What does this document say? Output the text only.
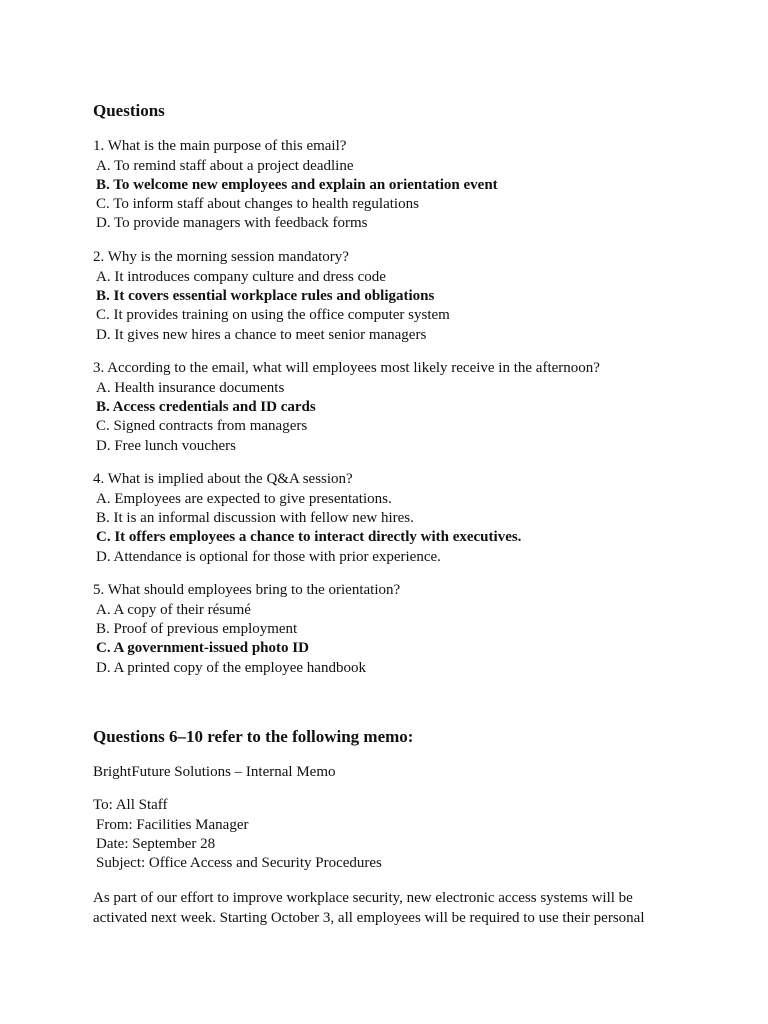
Questions
1. What is the main purpose of this email?
A. To remind staff about a project deadline
B. To welcome new employees and explain an orientation event
C. To inform staff about changes to health regulations
D. To provide managers with feedback forms
2. Why is the morning session mandatory?
A. It introduces company culture and dress code
B. It covers essential workplace rules and obligations
C. It provides training on using the office computer system
D. It gives new hires a chance to meet senior managers
3. According to the email, what will employees most likely receive in the afternoon?
A. Health insurance documents
B. Access credentials and ID cards
C. Signed contracts from managers
D. Free lunch vouchers
4. What is implied about the Q&A session?
A. Employees are expected to give presentations.
B. It is an informal discussion with fellow new hires.
C. It offers employees a chance to interact directly with executives.
D. Attendance is optional for those with prior experience.
5. What should employees bring to the orientation?
A. A copy of their résumé
B. Proof of previous employment
C. A government-issued photo ID
D. A printed copy of the employee handbook
Questions 6–10 refer to the following memo:
BrightFuture Solutions – Internal Memo
To: All Staff
From: Facilities Manager
Date: September 28
Subject: Office Access and Security Procedures
As part of our effort to improve workplace security, new electronic access systems will be
activated next week. Starting October 3, all employees will be required to use their personal
